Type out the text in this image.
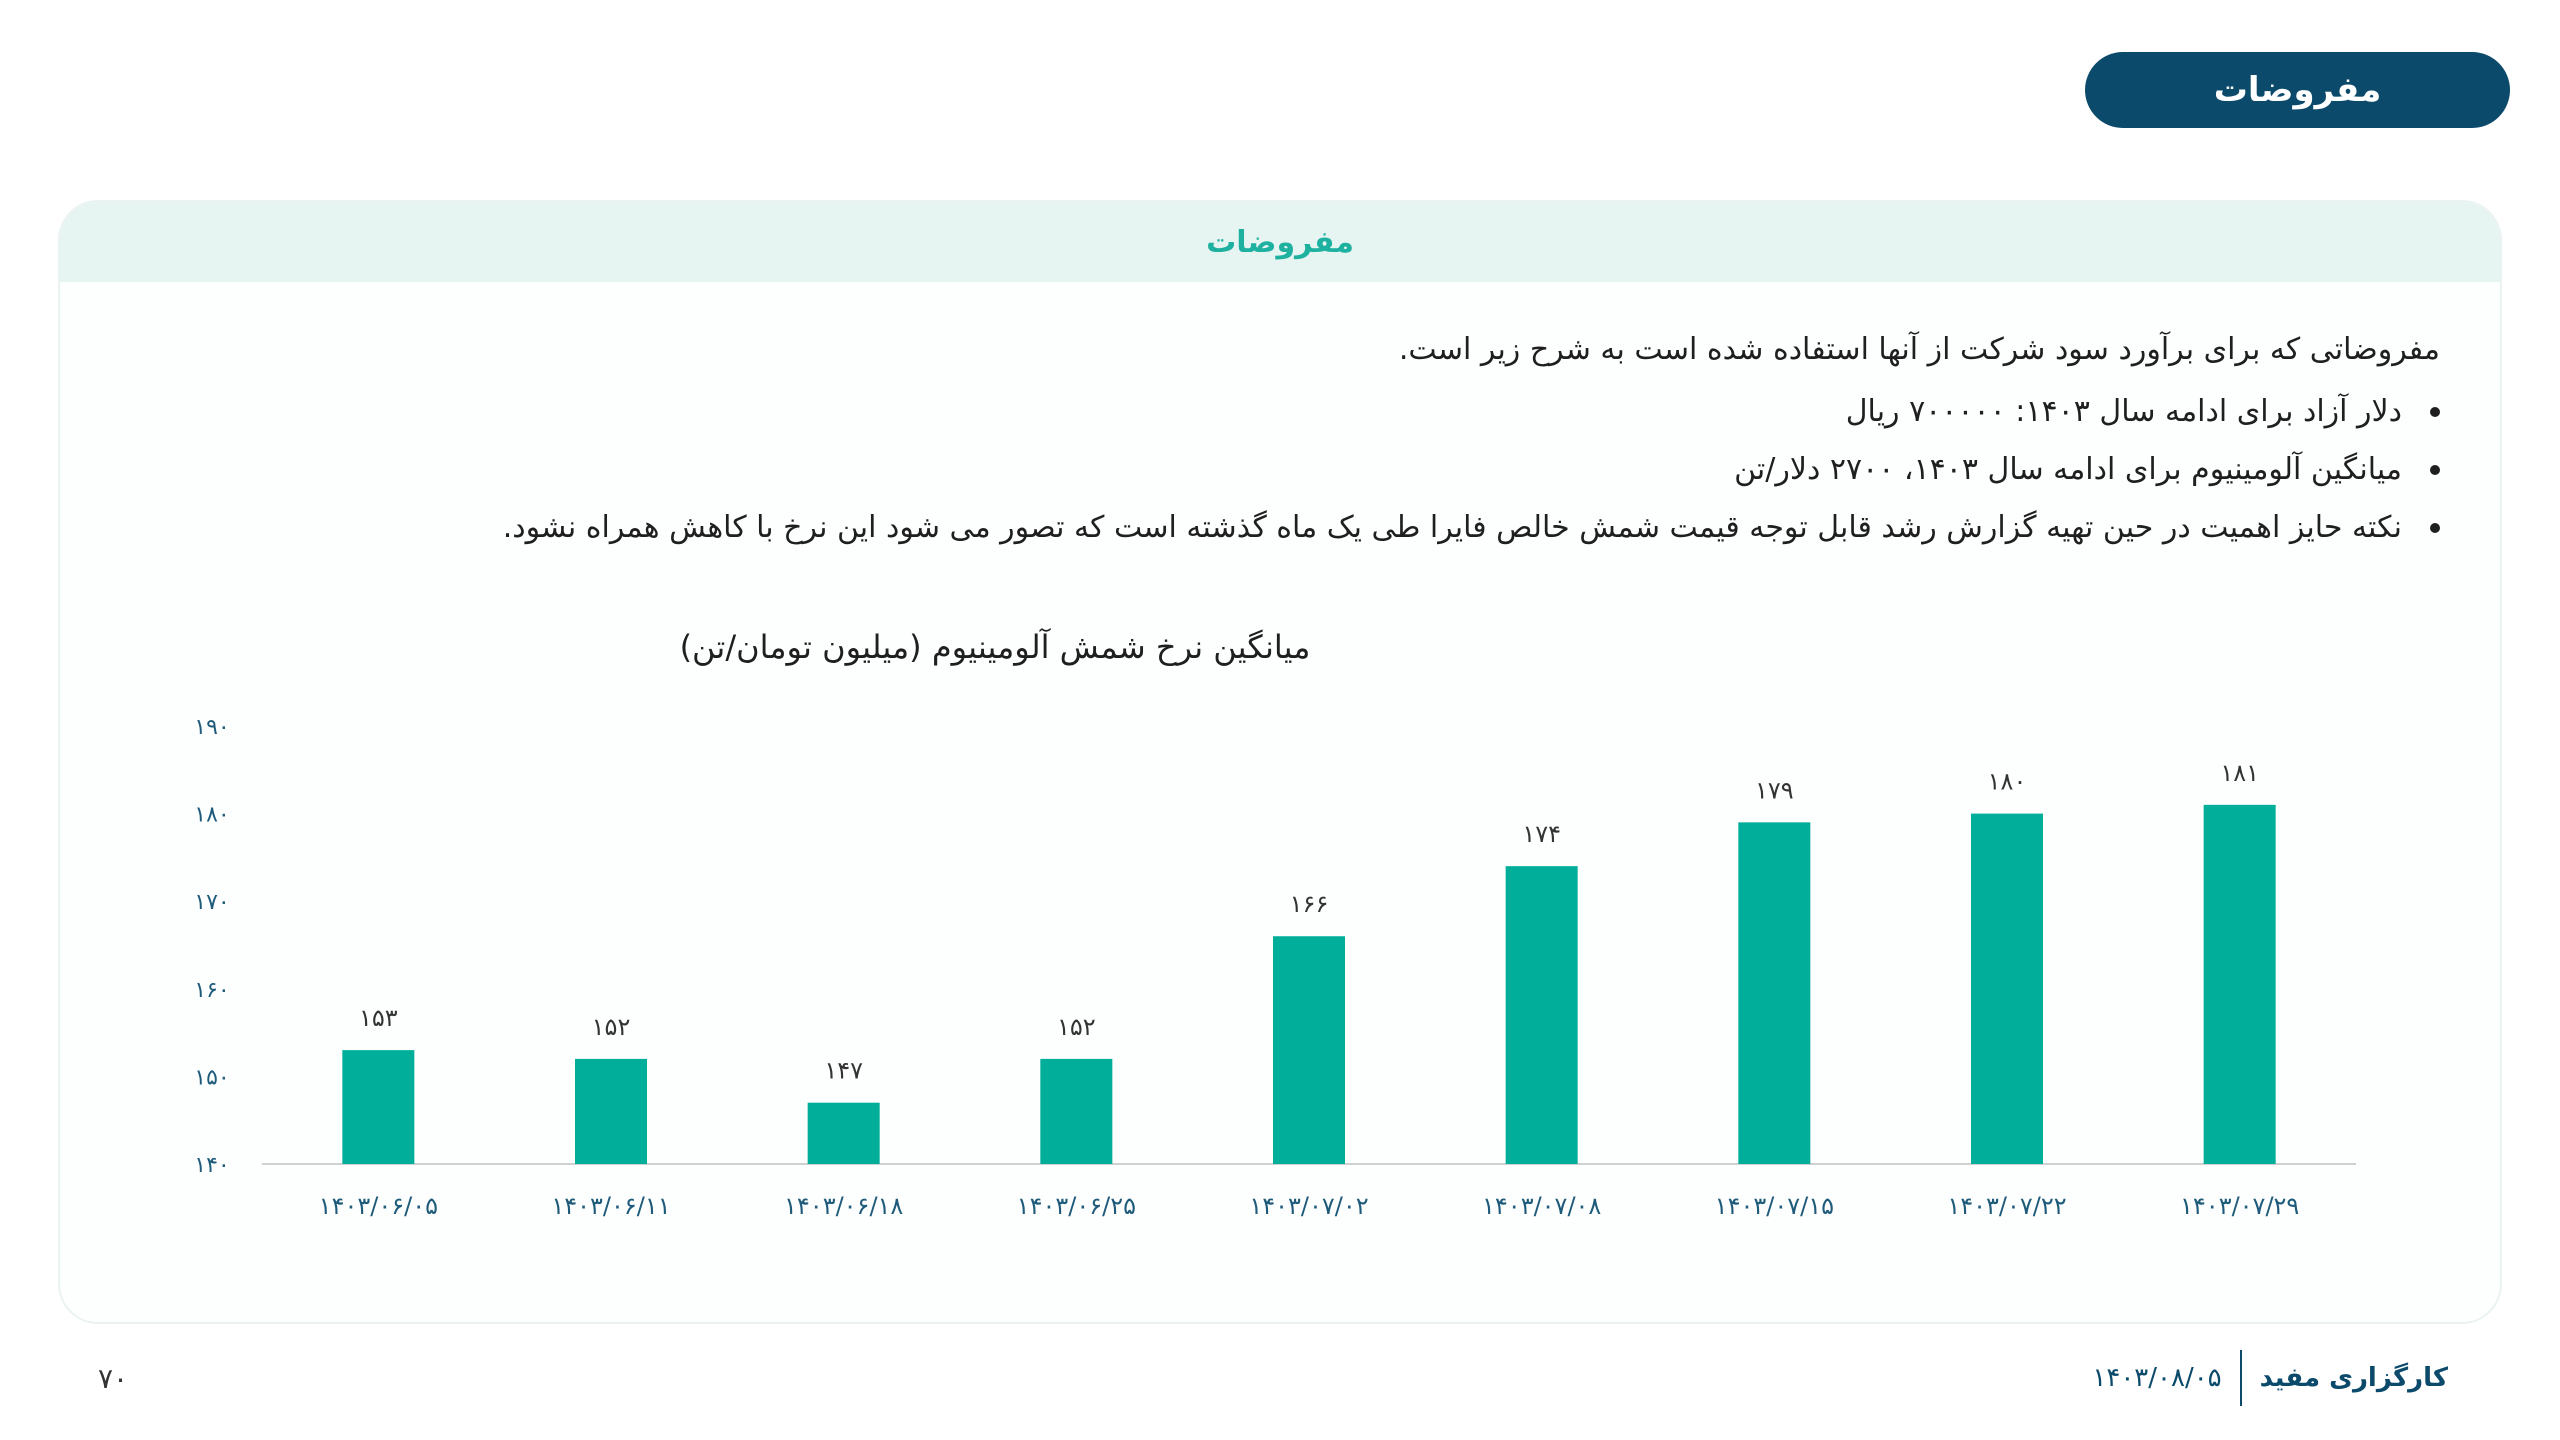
مفروضات
مفروضات

مفروضاتی که برای برآورد سود شرکت از آنها استفاده شده است به شرح زیر است.

دلار آزاد برای ادامه سال ۱۴۰۳: ۷۰۰۰۰۰ ریال
میانگین آلومینیوم برای ادامه سال ۱۴۰۳، ۲۷۰۰ دلار/تن
نکته حایز اهمیت در حین تهیه گزارش رشد قابل توجه قیمت شمش خالص فایرا طی یک ماه گذشته است که تصور می شود این نرخ با کاهش همراه نشود.
میانگین نرخ شمش آلومینیوم (میلیون تومان/تن)
۱۴۰
۱۵۰
۱۶۰
۱۷۰
۱۸۰
۱۹۰
۱۵۳
۱۴۰۳/۰۶/۰۵
۱۵۲
۱۴۰۳/۰۶/۱۱
۱۴۷
۱۴۰۳/۰۶/۱۸
۱۵۲
۱۴۰۳/۰۶/۲۵
۱۶۶
۱۴۰۳/۰۷/۰۲
۱۷۴
۱۴۰۳/۰۷/۰۸
۱۷۹
۱۴۰۳/۰۷/۱۵
۱۸۰
۱۴۰۳/۰۷/۲۲
۱۸۱
۱۴۰۳/۰۷/۲۹
۷۰	کارگزاری مفید
۱۴۰۳/۰۸/۰۵
